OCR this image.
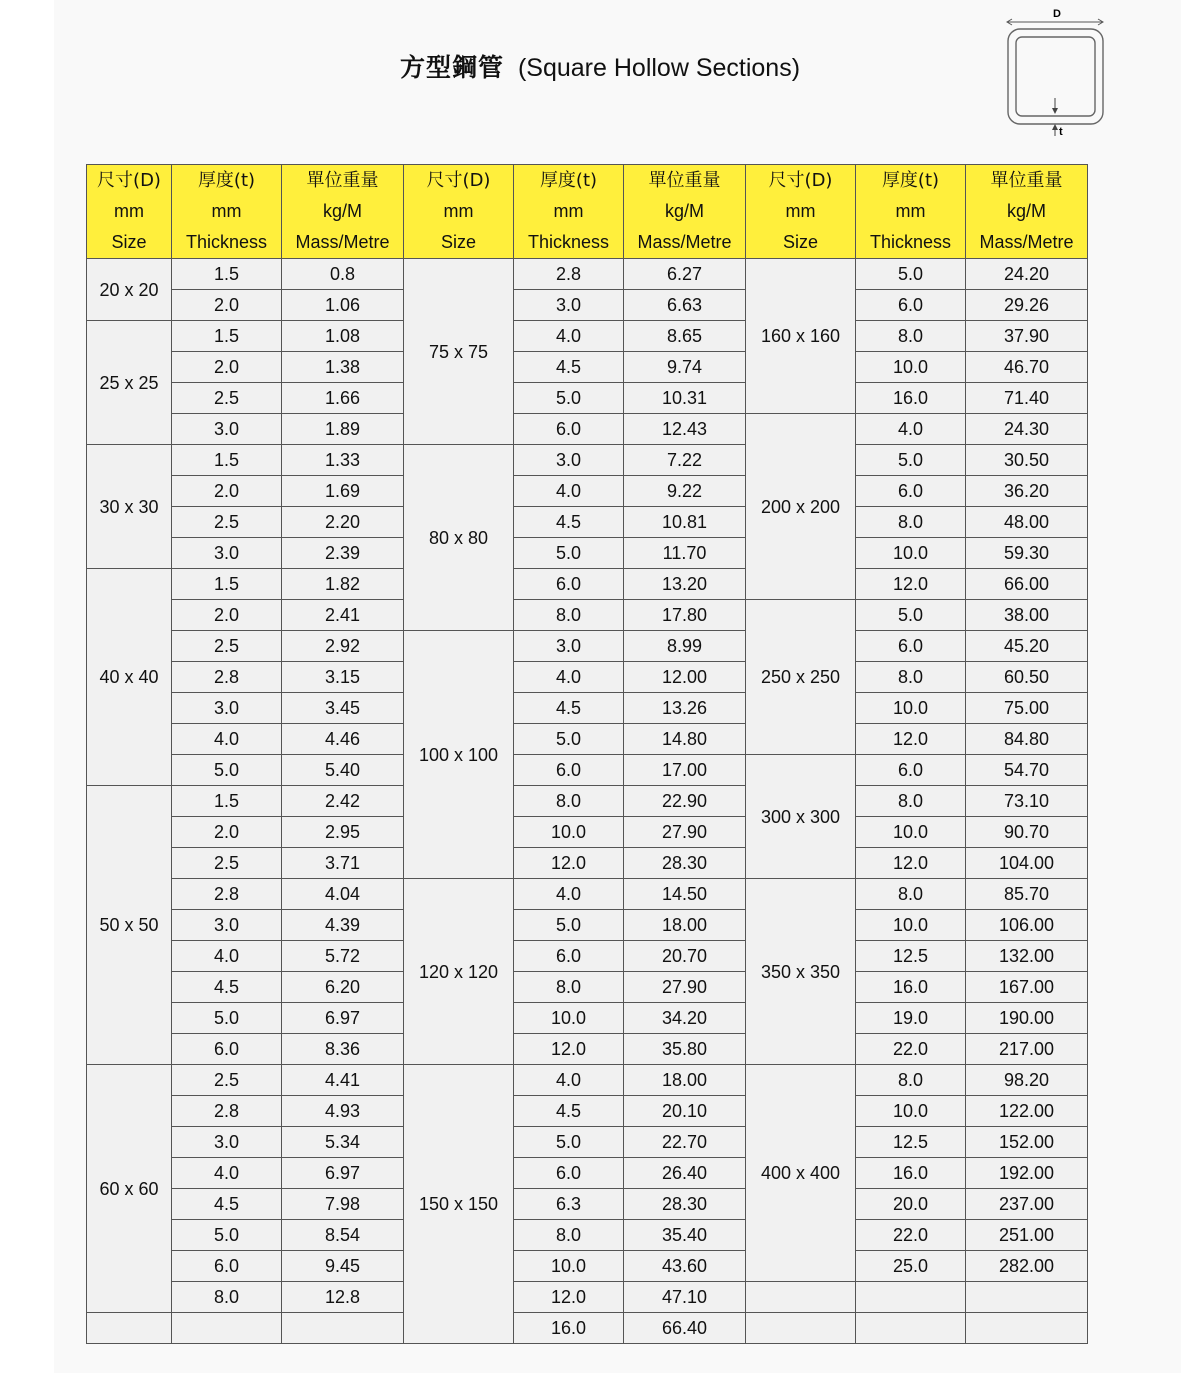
方型鋼管 (Square Hollow Sections)
D
t
尺寸(D)
mm
Size	厚度(t)
mm
Thickness	單位重量
kg/M
Mass/Metre	尺寸(D)
mm
Size	厚度(t)
mm
Thickness	單位重量
kg/M
Mass/Metre	尺寸(D)
mm
Size	厚度(t)
mm
Thickness	單位重量
kg/M
Mass/Metre
20 x 20	1.5	0.8	75 x 75	2.8	6.27	160 x 160	5.0	24.20
	2.0	1.06		3.0	6.63		6.0	29.26
25 x 25	1.5	1.08		4.0	8.65		8.0	37.90
	2.0	1.38		4.5	9.74		10.0	46.70
	2.5	1.66		5.0	10.31		16.0	71.40
	3.0	1.89		6.0	12.43	200 x 200	4.0	24.30
30 x 30	1.5	1.33	80 x 80	3.0	7.22		5.0	30.50
	2.0	1.69		4.0	9.22		6.0	36.20
	2.5	2.20		4.5	10.81		8.0	48.00
	3.0	2.39		5.0	11.70		10.0	59.30
40 x 40	1.5	1.82		6.0	13.20		12.0	66.00
	2.0	2.41		8.0	17.80	250 x 250	5.0	38.00
	2.5	2.92	100 x 100	3.0	8.99		6.0	45.20
	2.8	3.15		4.0	12.00		8.0	60.50
	3.0	3.45		4.5	13.26		10.0	75.00
	4.0	4.46		5.0	14.80		12.0	84.80
	5.0	5.40		6.0	17.00	300 x 300	6.0	54.70
50 x 50	1.5	2.42		8.0	22.90		8.0	73.10
	2.0	2.95		10.0	27.90		10.0	90.70
	2.5	3.71		12.0	28.30		12.0	104.00
	2.8	4.04	120 x 120	4.0	14.50	350 x 350	8.0	85.70
	3.0	4.39		5.0	18.00		10.0	106.00
	4.0	5.72		6.0	20.70		12.5	132.00
	4.5	6.20		8.0	27.90		16.0	167.00
	5.0	6.97		10.0	34.20		19.0	190.00
	6.0	8.36		12.0	35.80		22.0	217.00
60 x 60	2.5	4.41	150 x 150	4.0	18.00	400 x 400	8.0	98.20
	2.8	4.93		4.5	20.10		10.0	122.00
	3.0	5.34		5.0	22.70		12.5	152.00
	4.0	6.97		6.0	26.40		16.0	192.00
	4.5	7.98		6.3	28.30		20.0	237.00
	5.0	8.54		8.0	35.40		22.0	251.00
	6.0	9.45		10.0	43.60		25.0	282.00
	8.0	12.8		12.0	47.10			
				16.0	66.40			
